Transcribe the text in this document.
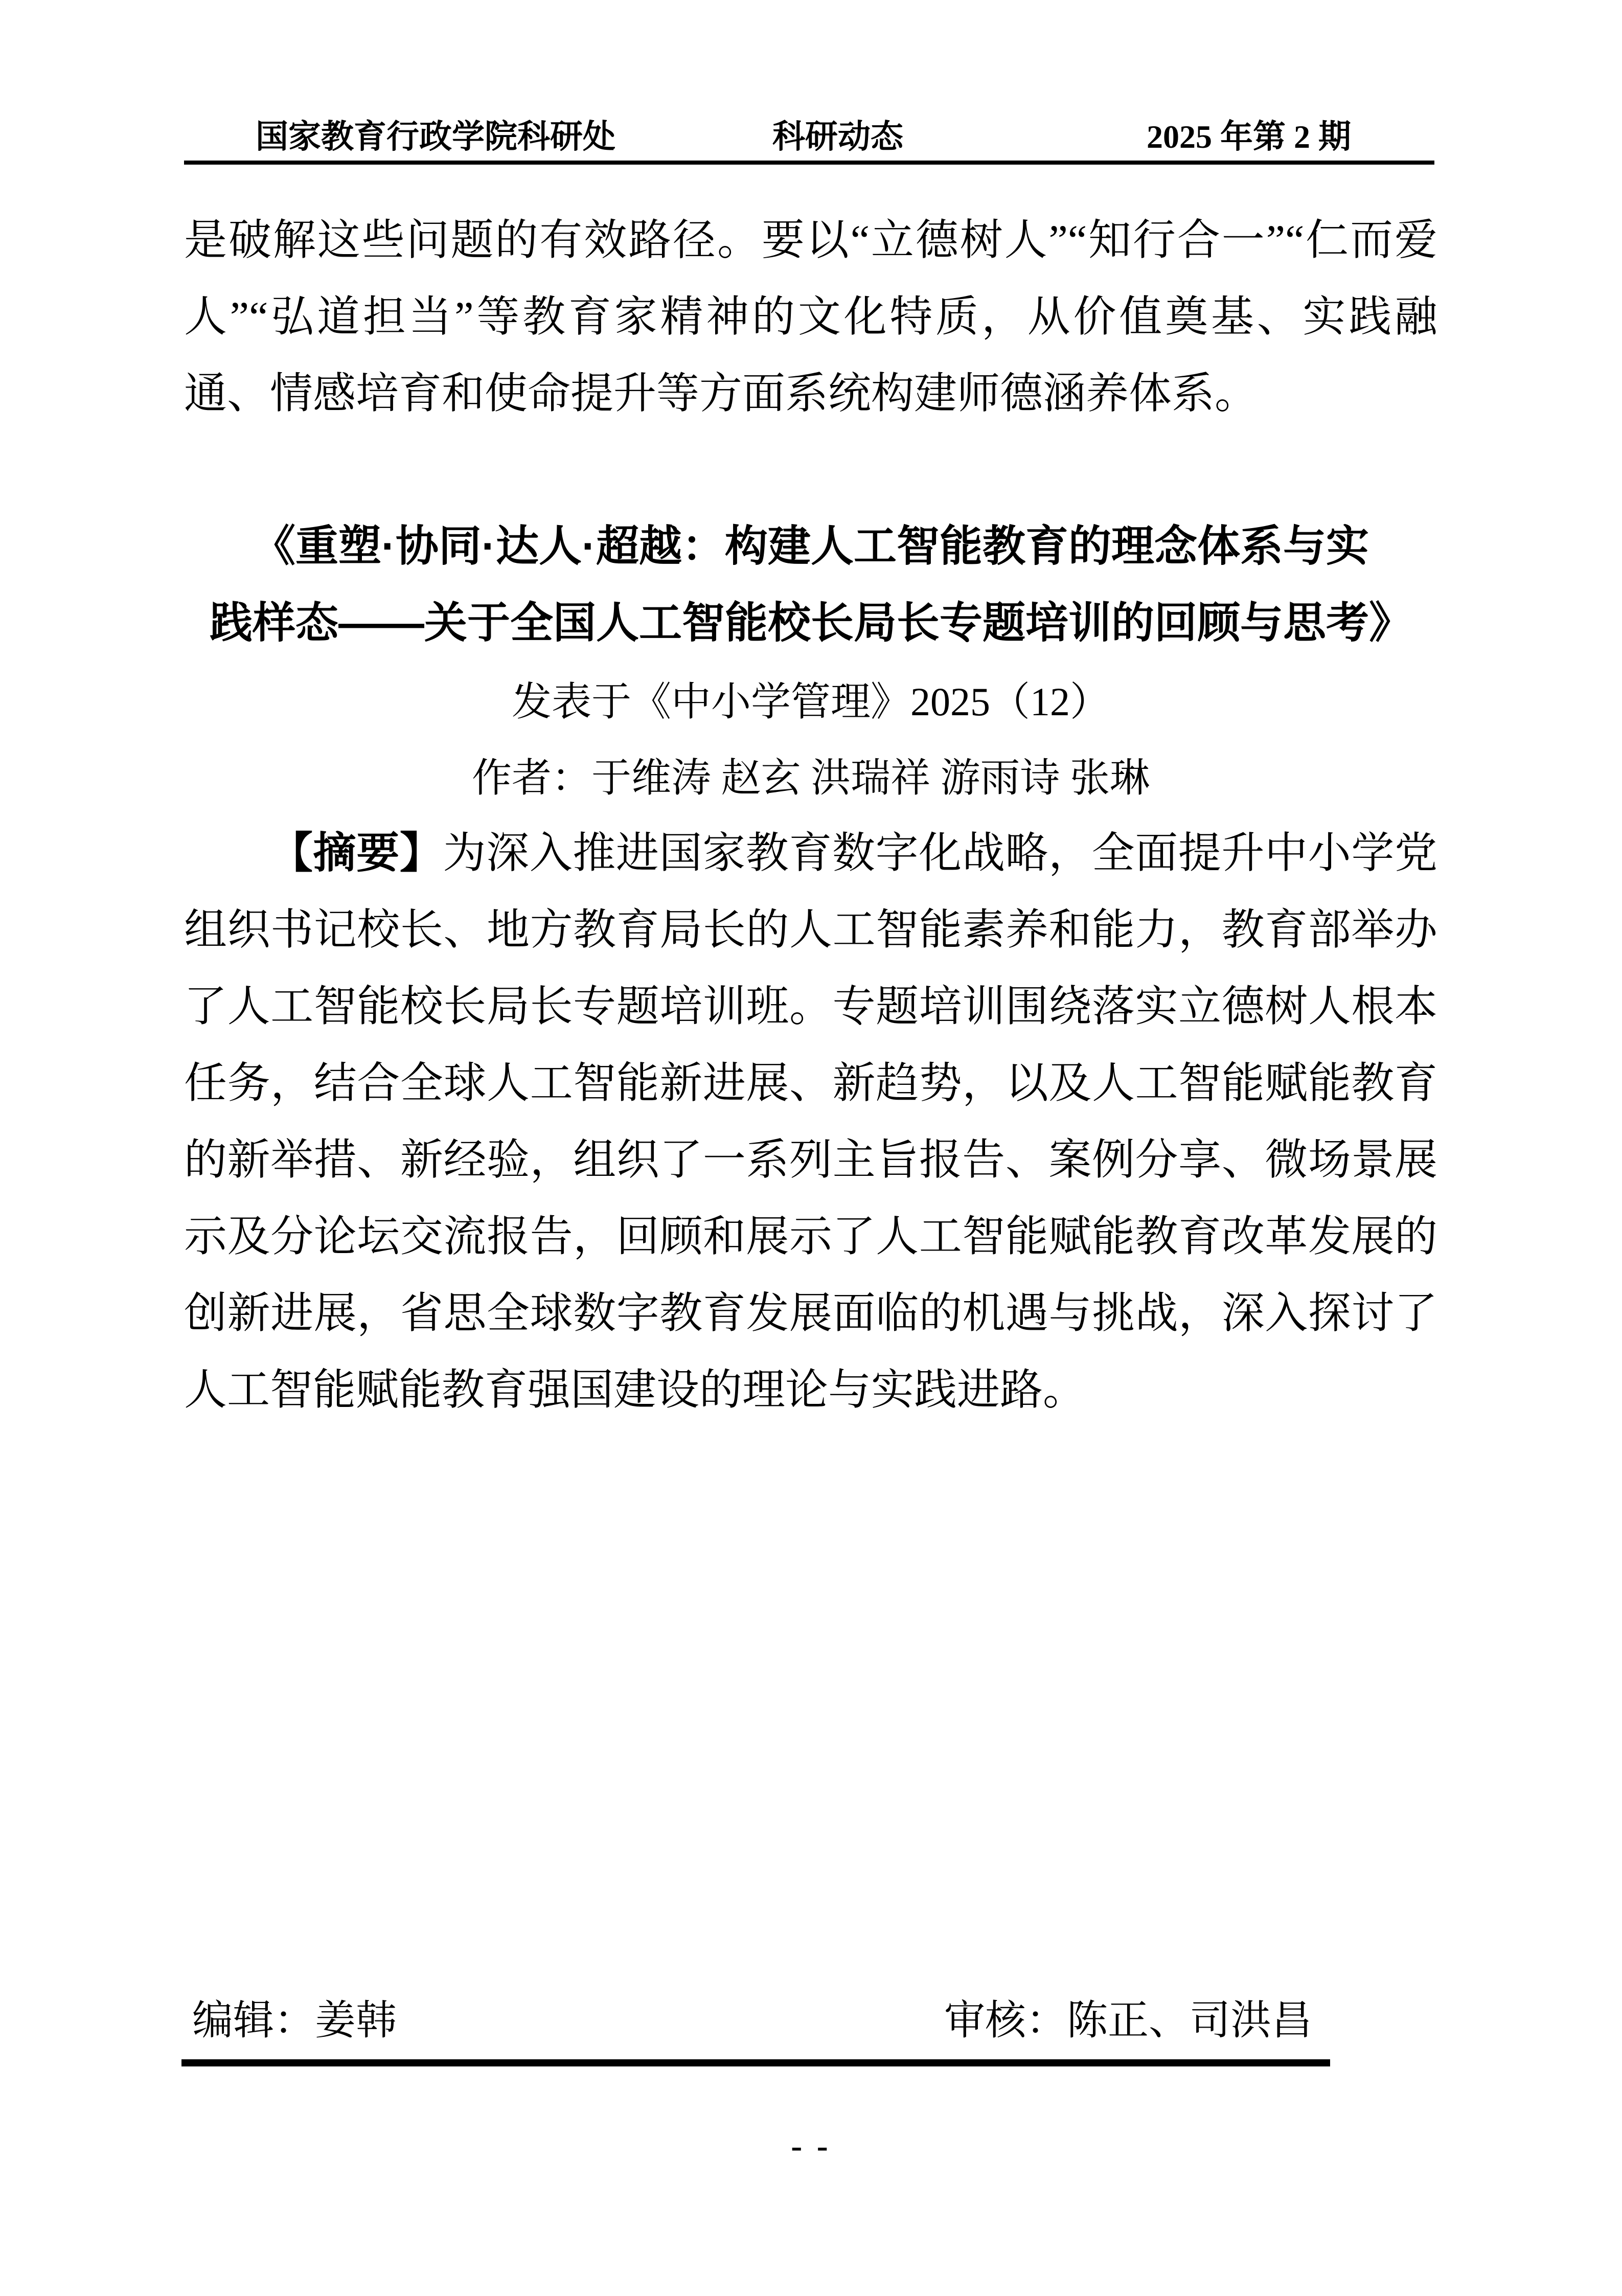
国家教育行政学院科研处	科研动态	2025 年第 2 期

是破解这些问题的有效路径。要以“立德树人”“知行合一”“仁而爱人”“弘道担当”等教育家精神的文化特质，从价值奠基、实践融通、情感培育和使命提升等方面系统构建师德涵养体系。

《重塑·协同·达人·超越：构建人工智能教育的理念体系与实
践样态——关于全国人工智能校长局长专题培训的回顾与思考》

发表于《中小学管理》2025（12）

作者：于维涛 赵玄 洪瑞祥 游雨诗 张琳

【摘要】为深入推进国家教育数字化战略，全面提升中小学党组织书记校长、地方教育局长的人工智能素养和能力，教育部举办了人工智能校长局长专题培训班。专题培训围绕落实立德树人根本任务，结合全球人工智能新进展、新趋势，以及人工智能赋能教育的新举措、新经验，组织了一系列主旨报告、案例分享、微场景展示及分论坛交流报告，回顾和展示了人工智能赋能教育改革发展的创新进展，省思全球数字教育发展面临的机遇与挑战，深入探讨了人工智能赋能教育强国建设的理论与实践进路。

编辑：姜韩	审核：陈正、司洪昌
- -
